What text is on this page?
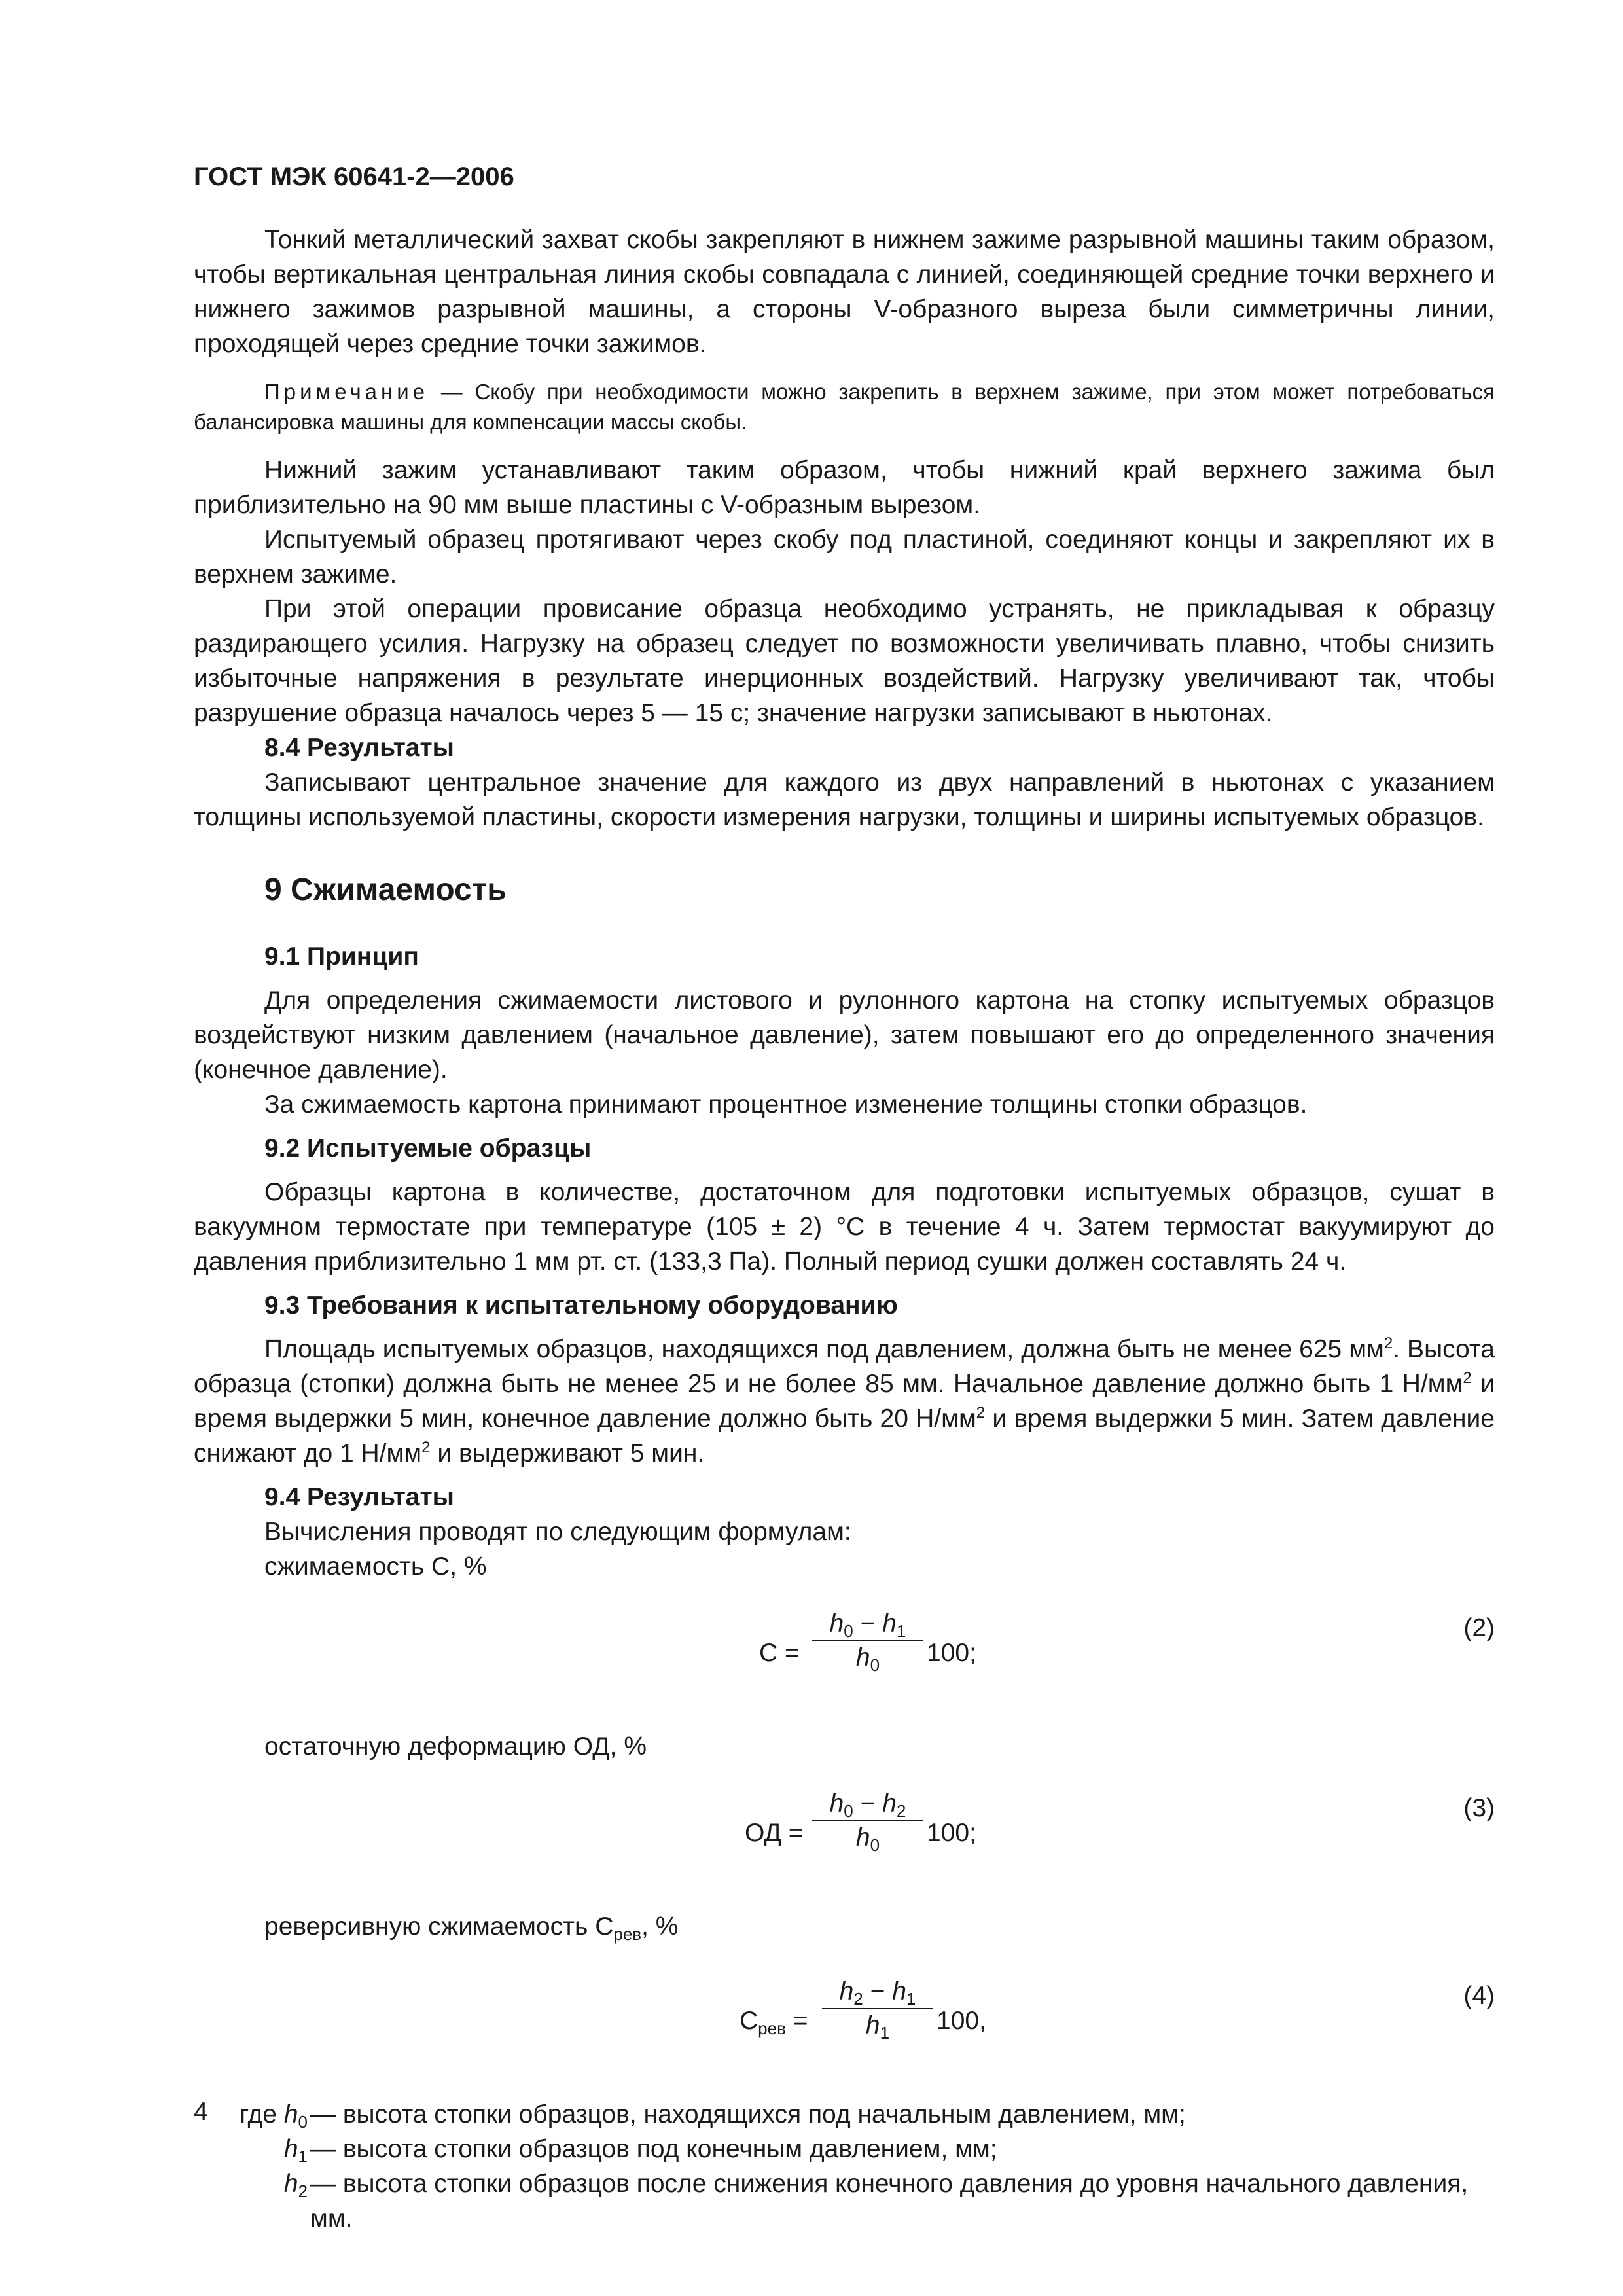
ГОСТ МЭК 60641-2—2006

Тонкий металлический захват скобы закрепляют в нижнем зажиме разрывной машины таким образом, чтобы вертикальная центральная линия скобы совпадала с линией, соединяющей средние точки верхнего и нижнего зажимов разрывной машины, а стороны V-образного выреза были симметричны линии, проходящей через средние точки зажимов.

Примечание — Скобу при необходимости можно закрепить в верхнем зажиме, при этом может потребоваться балансировка машины для компенсации массы скобы.

Нижний зажим устанавливают таким образом, чтобы нижний край верхнего зажима был приблизительно на 90 мм выше пластины с V-образным вырезом.

Испытуемый образец протягивают через скобу под пластиной, соединяют концы и закрепляют их в верхнем зажиме.

При этой операции провисание образца необходимо устранять, не прикладывая к образцу раздирающего усилия. Нагрузку на образец следует по возможности увеличивать плавно, чтобы снизить избыточные напряжения в результате инерционных воздействий. Нагрузку увеличивают так, чтобы разрушение образца началось через 5 — 15 с; значение нагрузки записывают в ньютонах.

8.4 Результаты

Записывают центральное значение для каждого из двух направлений в ньютонах с указанием толщины используемой пластины, скорости измерения нагрузки, толщины и ширины испытуемых образцов.

9 Сжимаемость

9.1 Принцип

Для определения сжимаемости листового и рулонного картона на стопку испытуемых образцов воздействуют низким давлением (начальное давление), затем повышают его до определенного значения (конечное давление).

За сжимаемость картона принимают процентное изменение толщины стопки образцов.

9.2 Испытуемые образцы

Образцы картона в количестве, достаточном для подготовки испытуемых образцов, сушат в вакуумном термостате при температуре (105 ± 2) °С в течение 4 ч. Затем термостат вакуумируют до давления приблизительно 1 мм рт. ст. (133,3 Па). Полный период сушки должен составлять 24 ч.

9.3 Требования к испытательному оборудованию

Площадь испытуемых образцов, находящихся под давлением, должна быть не менее 625 $мм^2$. Высота образца (стопки) должна быть не менее 25 и не более 85 мм. Начальное давление должно быть 1 $Н/мм^2$ и время выдержки 5 мин, конечное давление должно быть 20 $Н/мм^2$ и время выдержки 5 мин. Затем давление снижают до 1 $Н/мм^2$ и выдерживают 5 мин.

9.4 Результаты

Вычисления проводят по следующим формулам:

сжимаемость С, %

$С = \frac{h_0 - h_1}{h_0} 100$;
(2)

остаточную деформацию ОД, %

ОД = $\frac{h_0 - h_2}{h_0} 100$;
(3)

реверсивную сжимаемость $С_{рев}$, %

$С_{рев} = \frac{h_2 - h_1}{h_1} 100$,
(4)
где $h_0$ — высота стопки образцов, находящихся под начальным давлением, мм;
$h_1$ — высота стопки образцов под конечным давлением, мм;
$h_2$ — высота стопки образцов после снижения конечного давления до уровня начального давления, мм.
4
